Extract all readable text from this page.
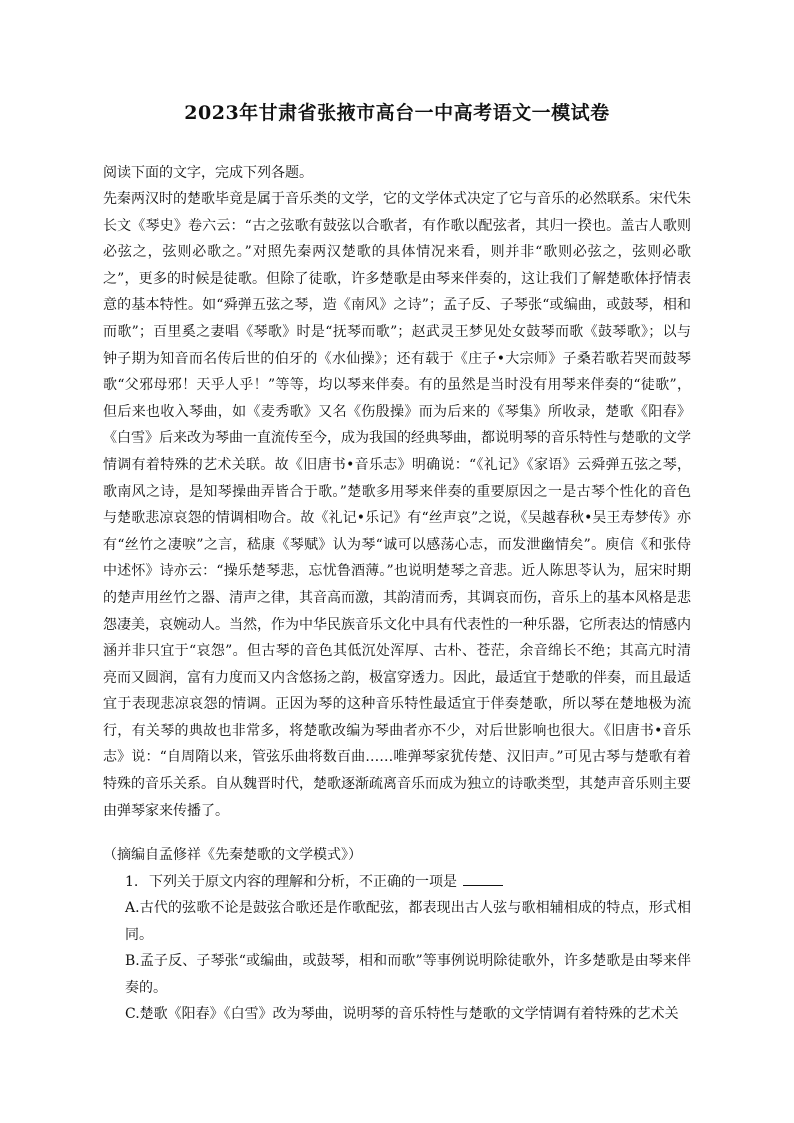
2023年甘肃省张掖市高台一中高考语文一模试卷
阅读下面的文字，完成下列各题。

先秦两汉时的楚歌毕竟是属于音乐类的文学，它的文学体式决定了它与音乐的必然联系。宋代朱长文《琴史》卷六云：“古之弦歌有鼓弦以合歌者，有作歌以配弦者，其归一揆也。盖古人歌则必弦之，弦则必歌之。”对照先秦两汉楚歌的具体情况来看，则并非“歌则必弦之，弦则必歌之”，更多的时候是徒歌。但除了徒歌，许多楚歌是由琴来伴奏的，这让我们了解楚歌体抒情表意的基本特性。如“舜弹五弦之琴，造《南风》之诗”；孟子反、子琴张“或编曲，或鼓琴，相和而歌”；百里奚之妻唱《琴歌》时是“抚琴而歌”；赵武灵王梦见处女鼓琴而歌《鼓琴歌》；以与钟子期为知音而名传后世的伯牙的《水仙操》；还有载于《庄子•大宗师》子桑若歌若哭而鼓琴歌“父邪母邪！天乎人乎！”等等，均以琴来伴奏。有的虽然是当时没有用琴来伴奏的“徒歌”，但后来也收入琴曲，如《麦秀歌》又名《伤殷操》而为后来的《琴集》所收录，楚歌《阳春》《白雪》后来改为琴曲一直流传至今，成为我国的经典琴曲，都说明琴的音乐特性与楚歌的文学情调有着特殊的艺术关联。故《旧唐书•音乐志》明确说：“《礼记》《家语》云舜弹五弦之琴，歌南风之诗，是知琴操曲弄皆合于歌。”楚歌多用琴来伴奏的重要原因之一是古琴个性化的音色与楚歌悲凉哀怨的情调相吻合。故《礼记•乐记》有“丝声哀”之说，《吴越春秋•吴王寿梦传》亦有“丝竹之凄唳”之言，嵇康《琴赋》认为琴“诚可以感荡心志，而发泄幽情矣”。庾信《和张侍中述怀》诗亦云：“操乐楚琴悲，忘忧鲁酒薄。”也说明楚琴之音悲。近人陈思苓认为，屈宋时期的楚声用丝竹之器、清声之律，其音高而激，其韵清而秀，其调哀而伤，音乐上的基本风格是悲怨凄美，哀婉动人。当然，作为中华民族音乐文化中具有代表性的一种乐器，它所表达的情感内涵并非只宜于“哀怨”。但古琴的音色其低沉处浑厚、古朴、苍茫，余音绵长不绝；其高亢时清亮而又圆润，富有力度而又内含悠扬之韵，极富穿透力。因此，最适宜于楚歌的伴奏，而且最适宜于表现悲凉哀怨的情调。正因为琴的这种音乐特性最适宜于伴奏楚歌，所以琴在楚地极为流行，有关琴的典故也非常多，将楚歌改编为琴曲者亦不少，对后世影响也很大。《旧唐书•音乐志》说：“自周隋以来，管弦乐曲将数百曲……唯弹琴家犹传楚、汉旧声。”可见古琴与楚歌有着特殊的音乐关系。自从魏晋时代，楚歌逐渐疏离音乐而成为独立的诗歌类型，其楚声音乐则主要由弹琴家来传播了。

（摘编自孟修祥《先秦楚歌的文学模式》）
1. 下列关于原文内容的理解和分析，不正确的一项是

A.古代的弦歌不论是鼓弦合歌还是作歌配弦，都表现出古人弦与歌相辅相成的特点，形式相同。

B.孟子反、子琴张“或编曲，或鼓琴，相和而歌”等事例说明除徒歌外，许多楚歌是由琴来伴奏的。

C.楚歌《阳春》《白雪》改为琴曲，说明琴的音乐特性与楚歌的文学情调有着特殊的艺术关
